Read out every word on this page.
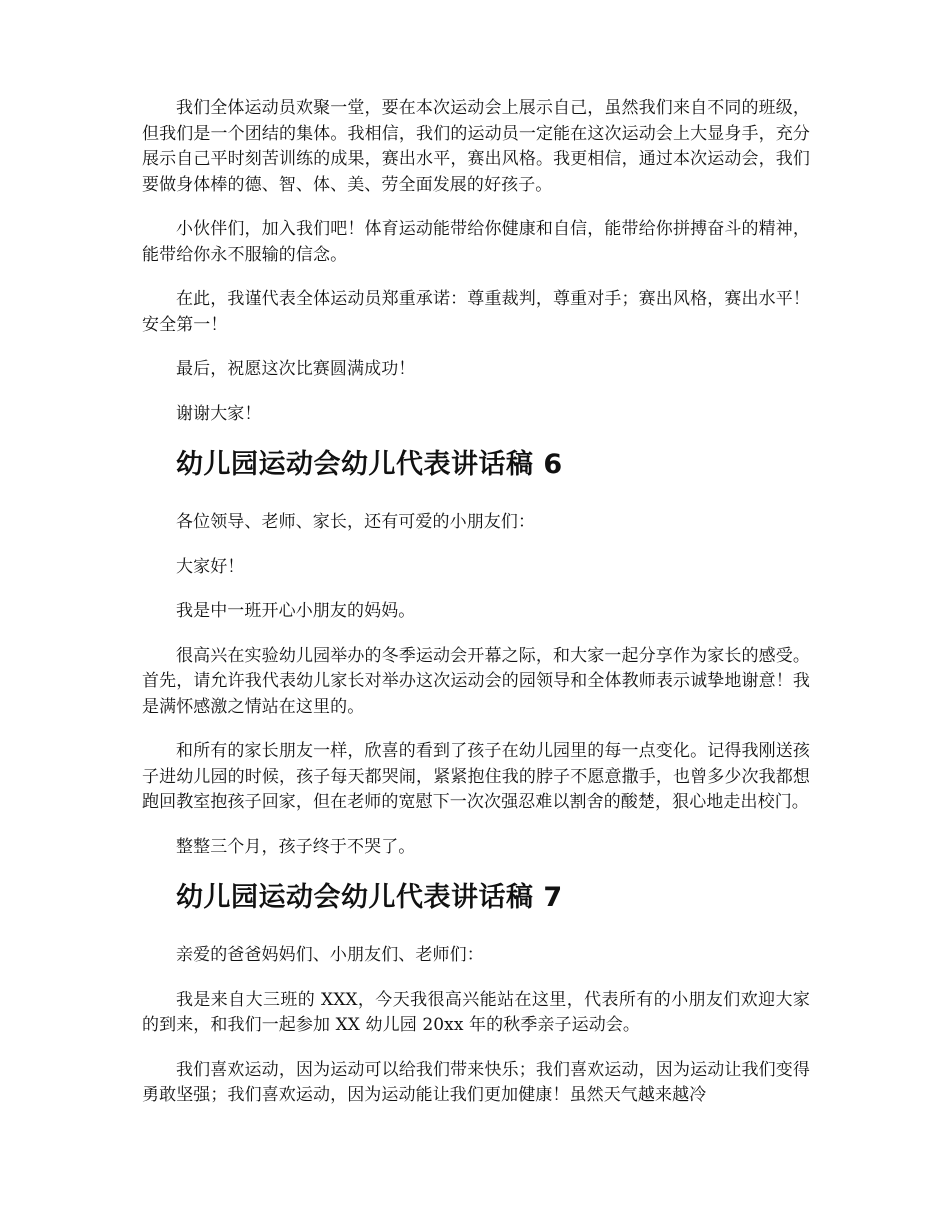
我们全体运动员欢聚一堂，要在本次运动会上展示自己，虽然我们来自不同的班级，但我们是一个团结的集体。我相信，我们的运动员一定能在这次运动会上大显身手，充分展示自己平时刻苦训练的成果，赛出水平，赛出风格。我更相信，通过本次运动会，我们要做身体棒的德、智、体、美、劳全面发展的好孩子。

小伙伴们，加入我们吧！体育运动能带给你健康和自信，能带给你拼搏奋斗的精神，能带给你永不服输的信念。

在此，我谨代表全体运动员郑重承诺：尊重裁判，尊重对手；赛出风格，赛出水平！安全第一！

最后，祝愿这次比赛圆满成功！

谢谢大家！

幼儿园运动会幼儿代表讲话稿 6

各位领导、老师、家长，还有可爱的小朋友们：

大家好！

我是中一班开心小朋友的妈妈。

很高兴在实验幼儿园举办的冬季运动会开幕之际，和大家一起分享作为家长的感受。首先，请允许我代表幼儿家长对举办这次运动会的园领导和全体教师表示诚挚地谢意！我是满怀感激之情站在这里的。

和所有的家长朋友一样，欣喜的看到了孩子在幼儿园里的每一点变化。记得我刚送孩子进幼儿园的时候，孩子每天都哭闹，紧紧抱住我的脖子不愿意撒手，也曾多少次我都想跑回教室抱孩子回家，但在老师的宽慰下一次次强忍难以割舍的酸楚，狠心地走出校门。

整整三个月，孩子终于不哭了。

幼儿园运动会幼儿代表讲话稿 7

亲爱的爸爸妈妈们、小朋友们、老师们：

我是来自大三班的 XXX，今天我很高兴能站在这里，代表所有的小朋友们欢迎大家的到来，和我们一起参加 XX 幼儿园 20xx 年的秋季亲子运动会。

我们喜欢运动，因为运动可以给我们带来快乐；我们喜欢运动，因为运动让我们变得勇敢坚强；我们喜欢运动，因为运动能让我们更加健康！虽然天气越来越冷
